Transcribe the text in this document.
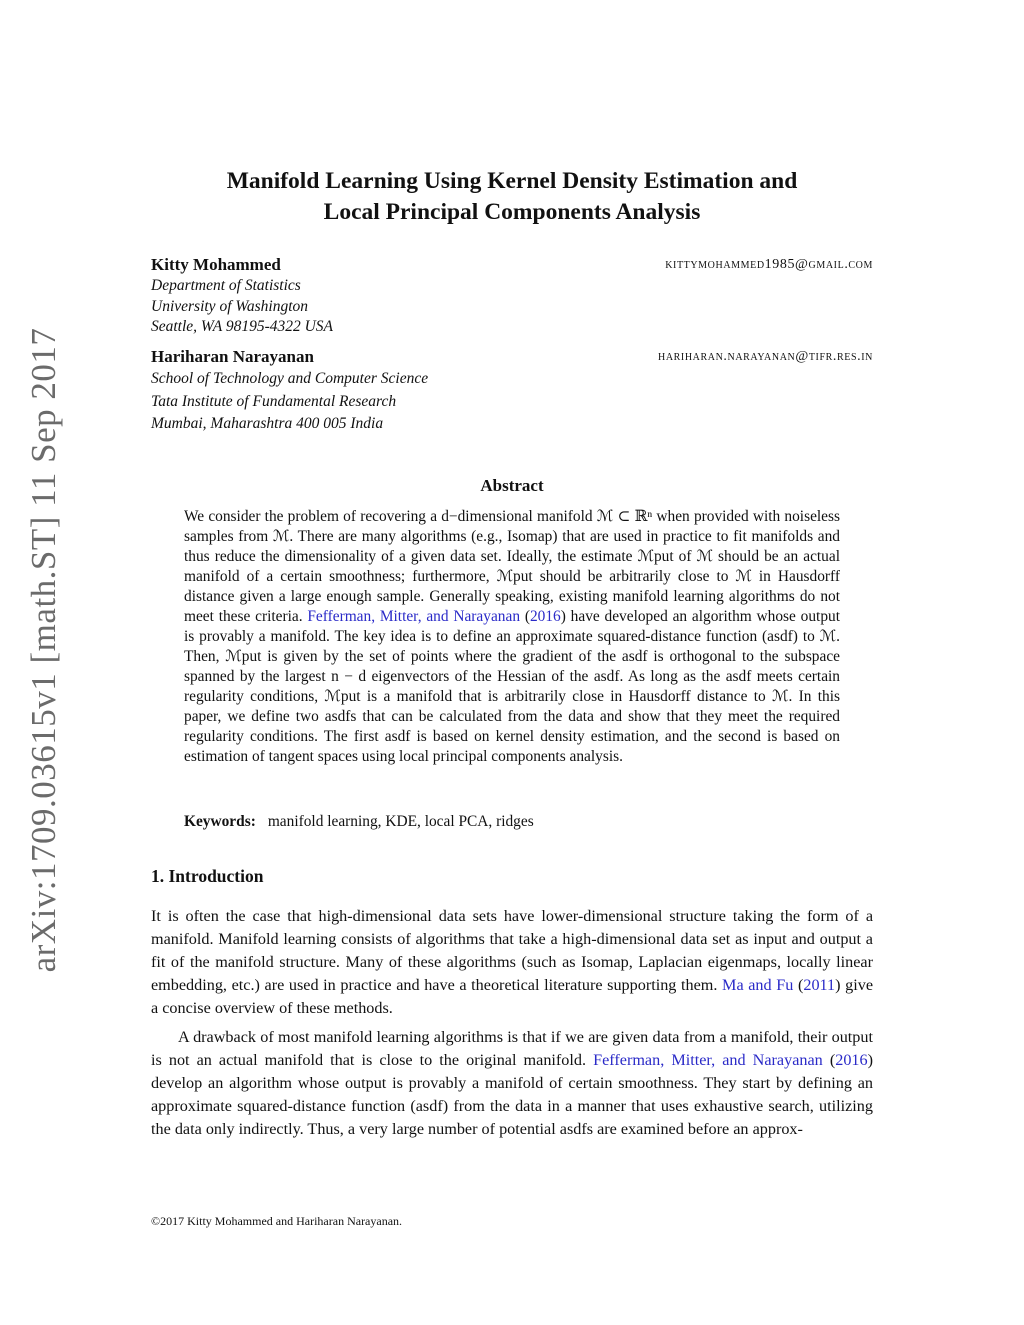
arXiv:1709.03615v1 [math.ST] 11 Sep 2017
Manifold Learning Using Kernel Density Estimation and
Local Principal Components Analysis
Kitty Mohammed	kittymohammed1985@gmail.com
Department of Statistics
University of Washington
Seattle, WA 98195-4322 USA
Hariharan Narayanan	hariharan.narayanan@tifr.res.in
School of Technology and Computer Science
Tata Institute of Fundamental Research
Mumbai, Maharashtra 400 005 India
Abstract
We consider the problem of recovering a d−dimensional manifold ℳ ⊂ ℝⁿ when provided with noiseless samples from ℳ. There are many algorithms (e.g., Isomap) that are used in practice to fit manifolds and thus reduce the dimensionality of a given data set. Ideally, the estimate ℳput of ℳ should be an actual manifold of a certain smoothness; furthermore, ℳput should be arbitrarily close to ℳ in Hausdorff distance given a large enough sample. Generally speaking, existing manifold learning algorithms do not meet these criteria. Fefferman, Mitter, and Narayanan (2016) have developed an algorithm whose output is provably a manifold. The key idea is to define an approximate squared-distance function (asdf) to ℳ. Then, ℳput is given by the set of points where the gradient of the asdf is orthogonal to the subspace spanned by the largest n − d eigenvectors of the Hessian of the asdf. As long as the asdf meets certain regularity conditions, ℳput is a manifold that is arbitrarily close in Hausdorff distance to ℳ. In this paper, we define two asdfs that can be calculated from the data and show that they meet the required regularity conditions. The first asdf is based on kernel density estimation, and the second is based on estimation of tangent spaces using local principal components analysis.
Keywords: manifold learning, KDE, local PCA, ridges
1. Introduction

It is often the case that high-dimensional data sets have lower-dimensional structure taking the form of a manifold. Manifold learning consists of algorithms that take a high-dimensional data set as input and output a fit of the manifold structure. Many of these algorithms (such as Isomap, Laplacian eigenmaps, locally linear embedding, etc.) are used in practice and have a theoretical literature supporting them. Ma and Fu (2011) give a concise overview of these methods.

A drawback of most manifold learning algorithms is that if we are given data from a manifold, their output is not an actual manifold that is close to the original manifold. Fefferman, Mitter, and Narayanan (2016) develop an algorithm whose output is provably a manifold of certain smoothness. They start by defining an approximate squared-distance function (asdf) from the data in a manner that uses exhaustive search, utilizing the data only indirectly. Thus, a very large number of potential asdfs are examined before an approx-

©2017 Kitty Mohammed and Hariharan Narayanan.
